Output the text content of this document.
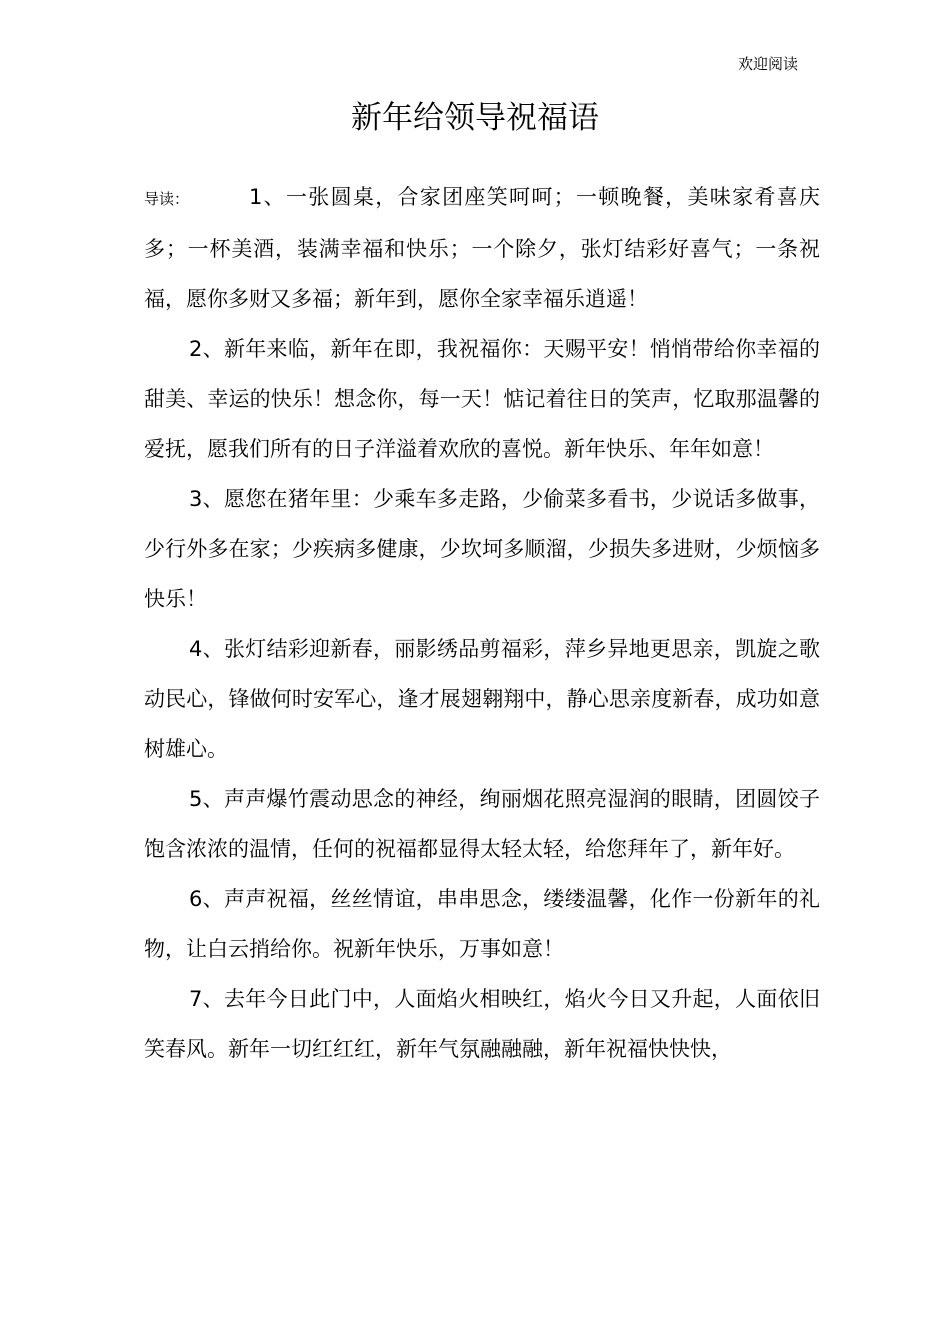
欢迎阅读
新年给领导祝福语

导读：	1、一张圆桌，合家团座笑呵呵；一顿晚餐，美味家肴喜庆多；一杯美酒，装满幸福和快乐；一个除夕，张灯结彩好喜气；一条祝福，愿你多财又多福；新年到，愿你全家幸福乐逍遥！

2、新年来临，新年在即，我祝福你：天赐平安！悄悄带给你幸福的甜美、幸运的快乐！想念你，每一天！惦记着往日的笑声，忆取那温馨的爱抚，愿我们所有的日子洋溢着欢欣的喜悦。新年快乐、年年如意！

3、愿您在猪年里：少乘车多走路，少偷菜多看书，少说话多做事，少行外多在家；少疾病多健康，少坎坷多顺溜，少损失多进财，少烦恼多快乐！

4、张灯结彩迎新春，丽影绣品剪福彩，萍乡异地更思亲，凯旋之歌动民心，锋做何时安军心，逢才展翅翱翔中，静心思亲度新春，成功如意树雄心。

5、声声爆竹震动思念的神经，绚丽烟花照亮湿润的眼睛，团圆饺子饱含浓浓的温情，任何的祝福都显得太轻太轻，给您拜年了，新年好。

6、声声祝福，丝丝情谊，串串思念，缕缕温馨，化作一份新年的礼物，让白云捎给你。祝新年快乐，万事如意！

7、去年今日此门中，人面焰火相映红，焰火今日又升起，人面依旧笑春风。新年一切红红红，新年气氛融融融，新年祝福快快快，
